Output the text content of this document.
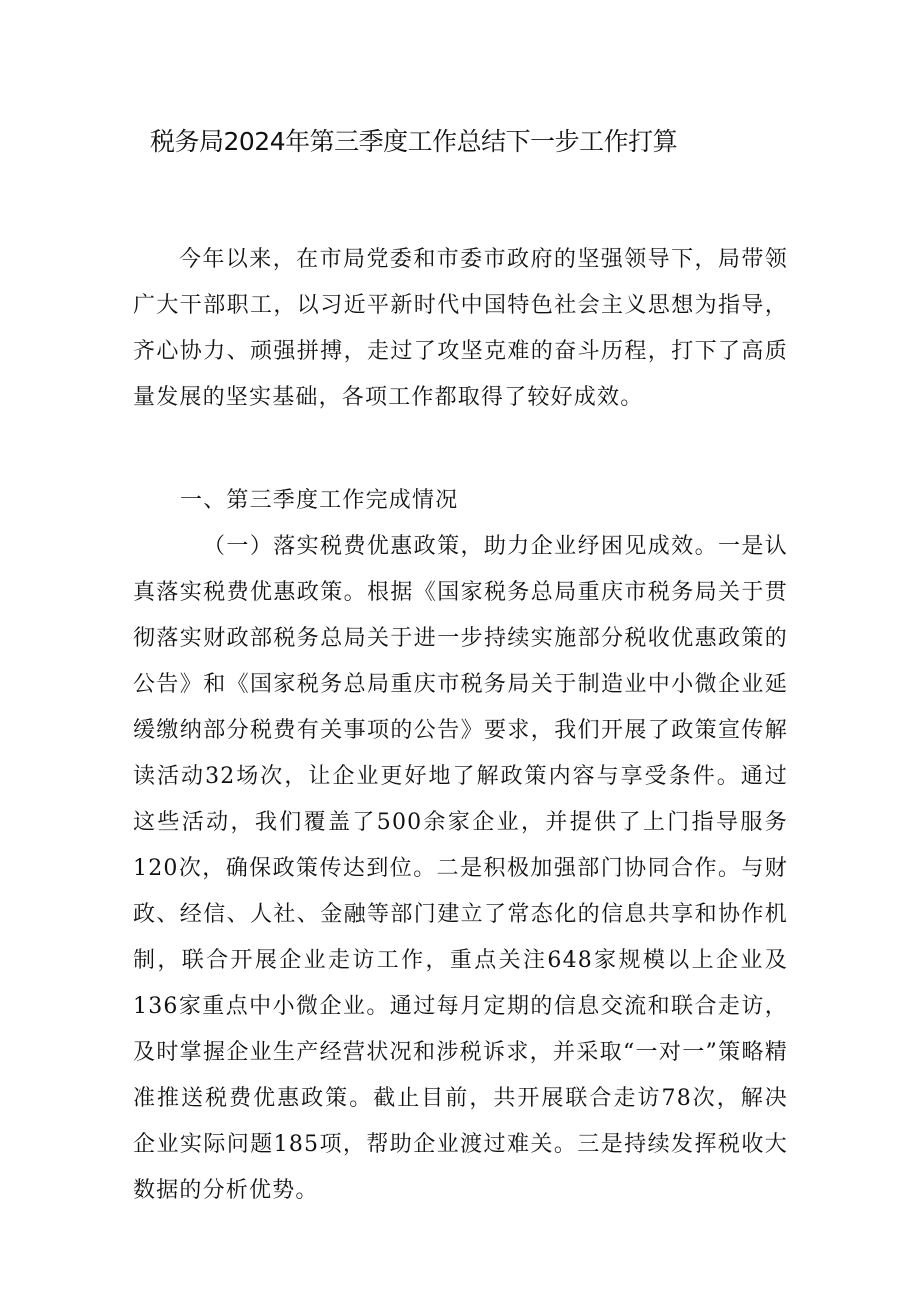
税务局2024年第三季度工作总结下一步工作打算

今年以来，在市局党委和市委市政府的坚强领导下，局带领广大干部职工，以习近平新时代中国特色社会主义思想为指导，齐心协力、顽强拼搏，走过了攻坚克难的奋斗历程，打下了高质量发展的坚实基础，各项工作都取得了较好成效。

一、第三季度工作完成情况

（一）落实税费优惠政策，助力企业纾困见成效。一是认真落实税费优惠政策。根据《国家税务总局重庆市税务局关于贯彻落实财政部税务总局关于进一步持续实施部分税收优惠政策的公告》和《国家税务总局重庆市税务局关于制造业中小微企业延缓缴纳部分税费有关事项的公告》要求，我们开展了政策宣传解读活动32场次，让企业更好地了解政策内容与享受条件。通过这些活动，我们覆盖了500余家企业，并提供了上门指导服务120次，确保政策传达到位。二是积极加强部门协同合作。与财政、经信、人社、金融等部门建立了常态化的信息共享和协作机制，联合开展企业走访工作，重点关注648家规模以上企业及136家重点中小微企业。通过每月定期的信息交流和联合走访，及时掌握企业生产经营状况和涉税诉求，并采取“一对一”策略精准推送税费优惠政策。截止目前，共开展联合走访78次，解决企业实际问题185项，帮助企业渡过难关。三是持续发挥税收大数据的分析优势。
